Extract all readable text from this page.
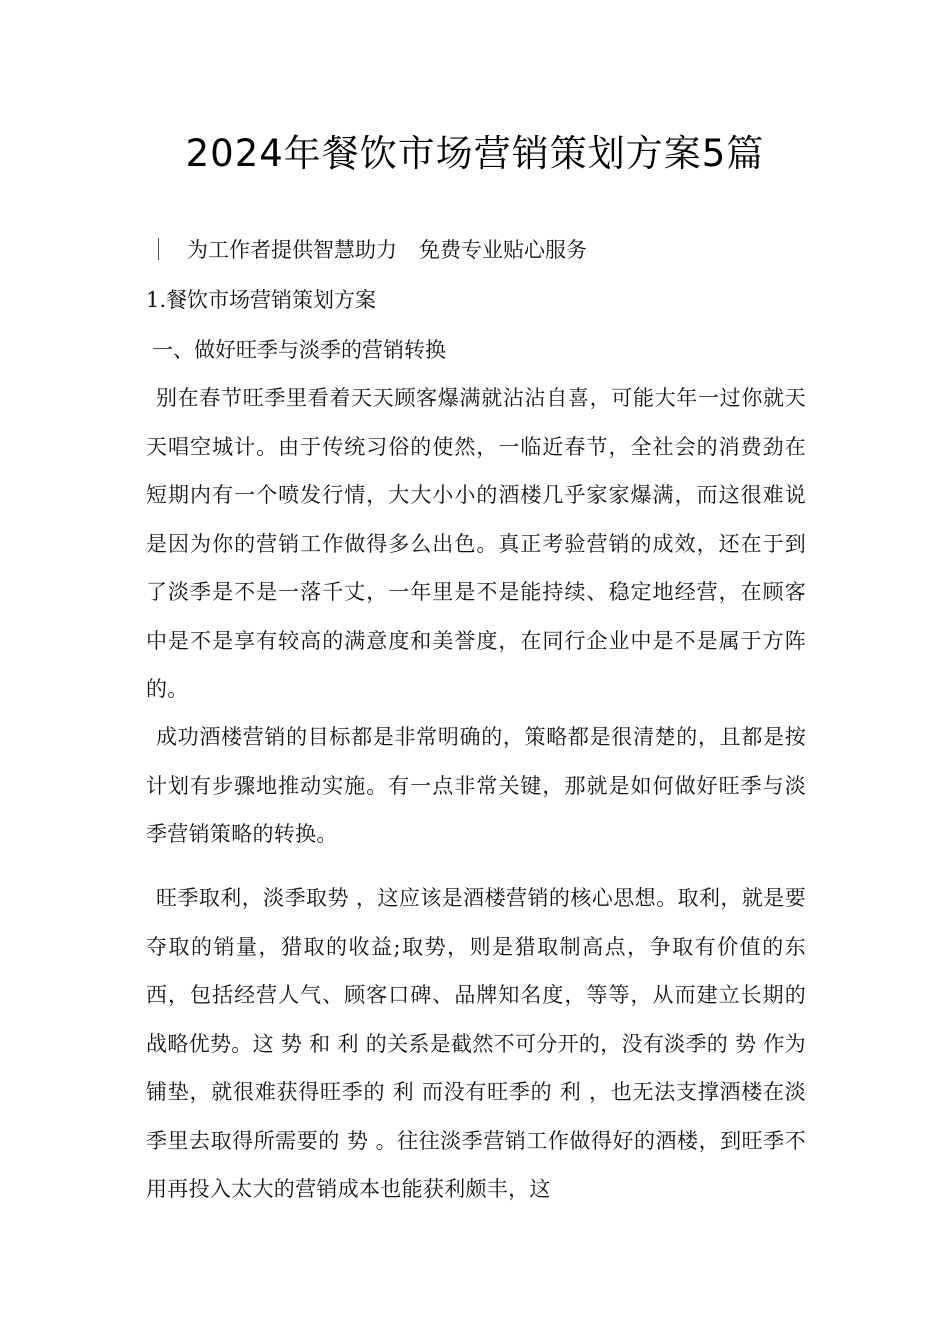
2024年餐饮市场营销策划方案5篇
为工作者提供智慧助力 免费专业贴心服务

1.餐饮市场营销策划方案

一、做好旺季与淡季的营销转换

别在春节旺季里看着天天顾客爆满就沾沾自喜，可能大年一过你就天天唱空城计。由于传统习俗的使然，一临近春节，全社会的消费劲在短期内有一个喷发行情，大大小小的酒楼几乎家家爆满，而这很难说是因为你的营销工作做得多么出色。真正考验营销的成效，还在于到了淡季是不是一落千丈，一年里是不是能持续、稳定地经营，在顾客中是不是享有较高的满意度和美誉度，在同行企业中是不是属于方阵的。

成功酒楼营销的目标都是非常明确的，策略都是很清楚的，且都是按计划有步骤地推动实施。有一点非常关键，那就是如何做好旺季与淡季营销策略的转换。

旺季取利，淡季取势 ，这应该是酒楼营销的核心思想。取利，就是要夺取的销量，猎取的收益;取势，则是猎取制高点，争取有价值的东西，包括经营人气、顾客口碑、品牌知名度，等等，从而建立长期的战略优势。这 势 和 利 的关系是截然不可分开的，没有淡季的 势 作为铺垫，就很难获得旺季的 利 而没有旺季的 利 ，也无法支撑酒楼在淡季里去取得所需要的 势 。往往淡季营销工作做得好的酒楼，到旺季不用再投入太大的营销成本也能获利颇丰，这
